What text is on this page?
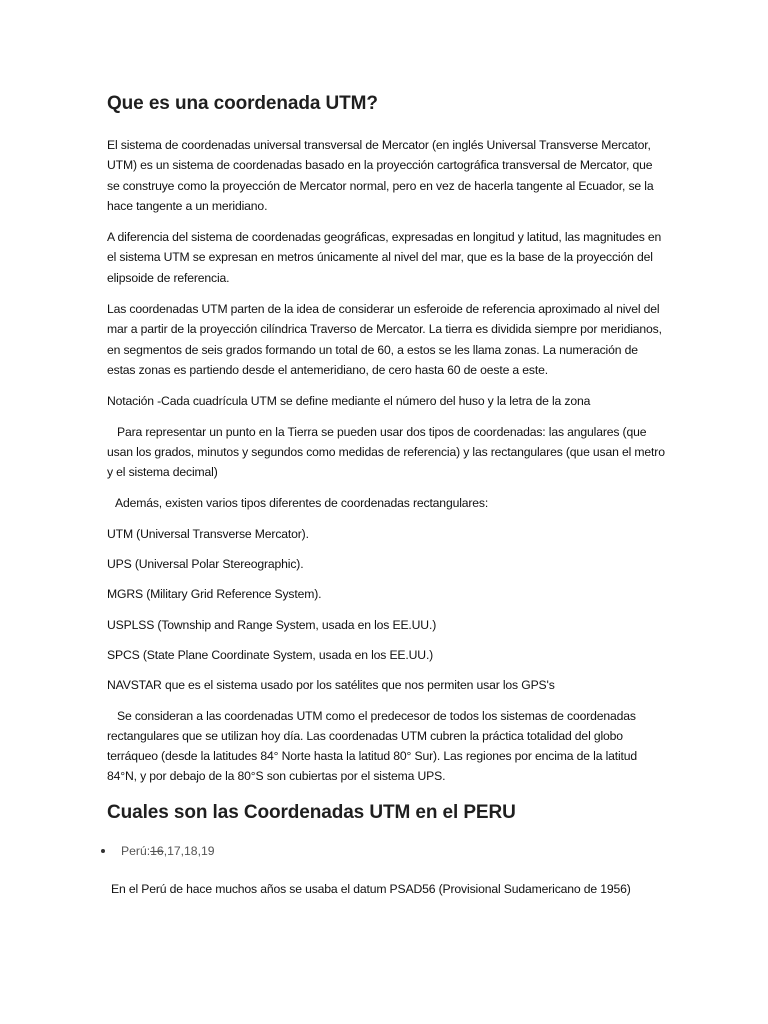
Que es una coordenada UTM?

El sistema de coordenadas universal transversal de Mercator (en inglés Universal Transverse Mercator, UTM) es un sistema de coordenadas basado en la proyección cartográfica transversal de Mercator, que se construye como la proyección de Mercator normal, pero en vez de hacerla tangente al Ecuador, se la hace tangente a un meridiano.

A diferencia del sistema de coordenadas geográficas, expresadas en longitud y latitud, las magnitudes en el sistema UTM se expresan en metros únicamente al nivel del mar, que es la base de la proyección del elipsoide de referencia.

Las coordenadas UTM parten de la idea de considerar un esferoide de referencia aproximado al nivel del mar a partir de la proyección cilíndrica Traverso de Mercator. La tierra es dividida siempre por meridianos, en segmentos de seis grados formando un total de 60, a estos se les llama zonas. La numeración de estas zonas es partiendo desde el antemeridiano, de cero hasta 60 de oeste a este.

Notación -Cada cuadrícula UTM se define mediante el número del huso y la letra de la zona

Para representar un punto en la Tierra se pueden usar dos tipos de coordenadas: las angulares (que usan los grados, minutos y segundos como medidas de referencia) y las rectangulares (que usan el metro y el sistema decimal)

Además, existen varios tipos diferentes de coordenadas rectangulares:

UTM (Universal Transverse Mercator).

UPS (Universal Polar Stereographic).

MGRS (Military Grid Reference System).

USPLSS (Township and Range System, usada en los EE.UU.)

SPCS (State Plane Coordinate System, usada en los EE.UU.)

NAVSTAR que es el sistema usado por los satélites que nos permiten usar los GPS's

Se consideran a las coordenadas UTM como el predecesor de todos los sistemas de coordenadas rectangulares que se utilizan hoy día. Las coordenadas UTM cubren la práctica totalidad del globo terráqueo (desde la latitudes 84° Norte hasta la latitud 80° Sur). Las regiones por encima de la latitud 84°N, y por debajo de la 80°S son cubiertas por el sistema UPS.

Cuales son las Coordenadas UTM en el PERU
Perú: 16 ,17,18,19

En el Perú de hace muchos años se usaba el datum PSAD56 (Provisional Sudamericano de 1956)
